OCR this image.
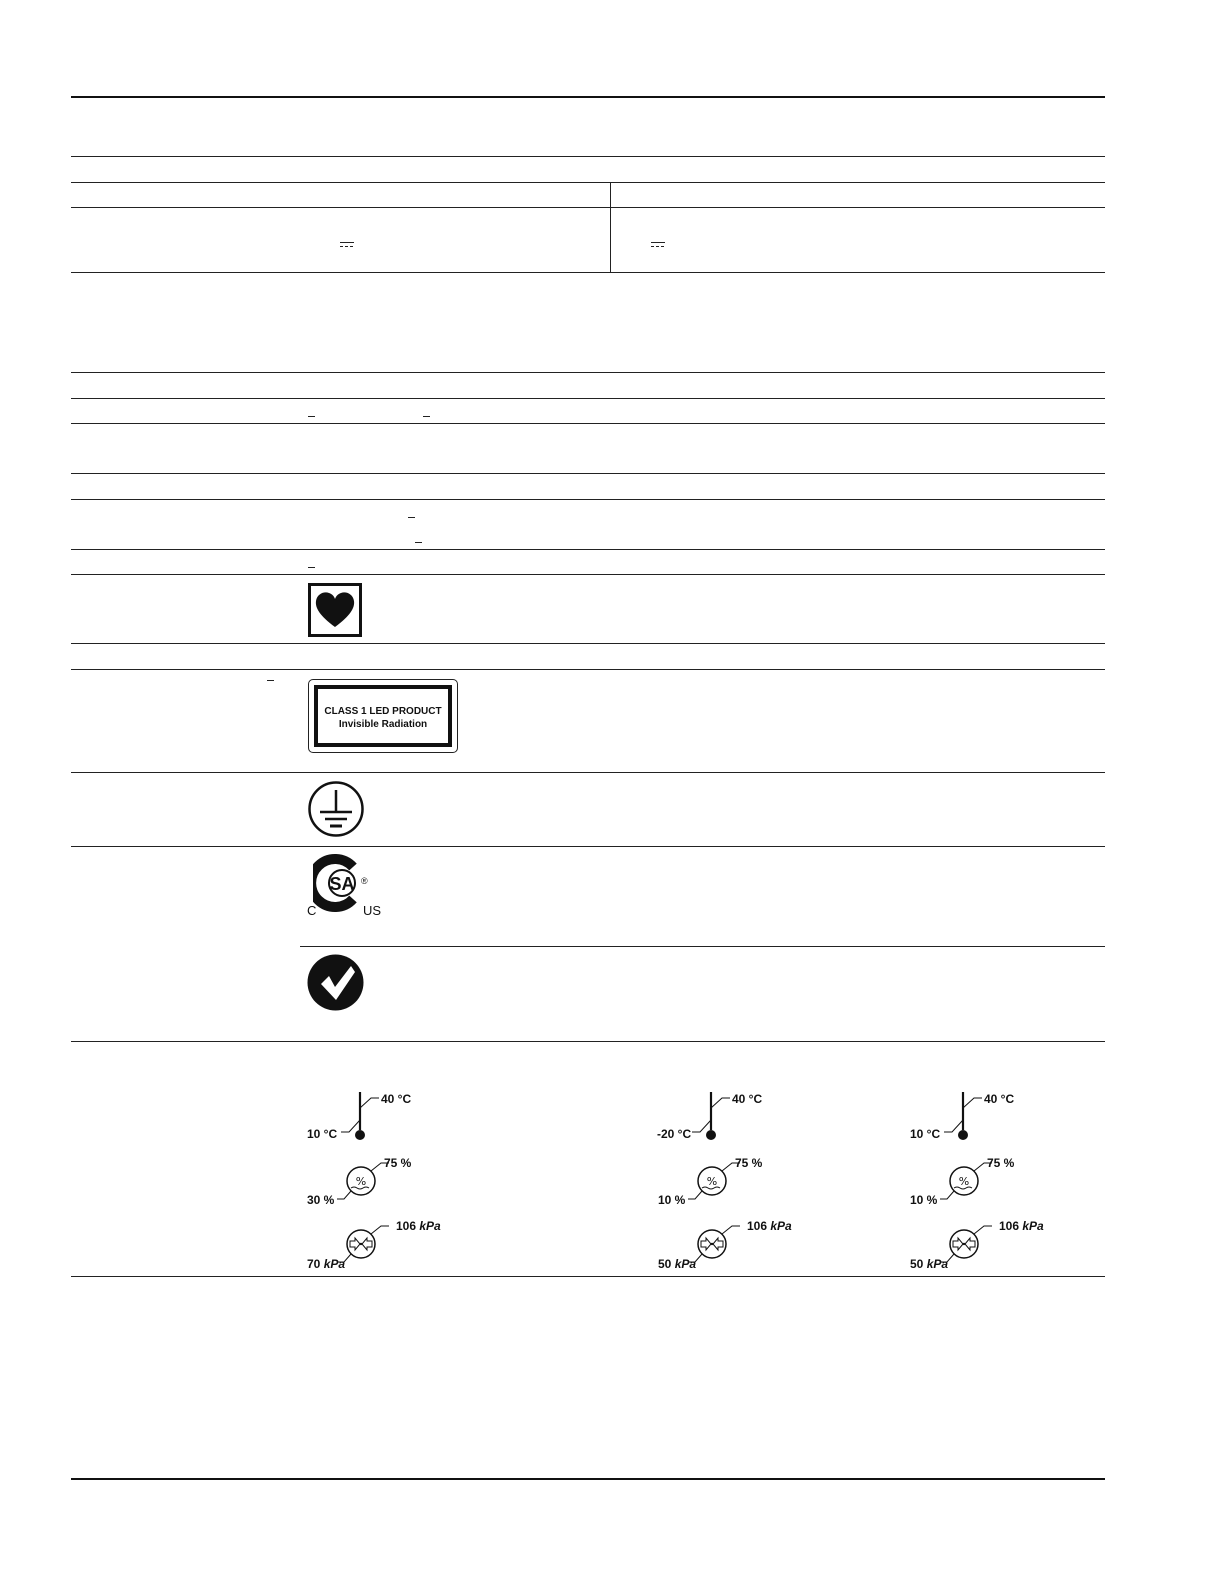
CLASS 1 LED PRODUCT
Invisible Radiation
SA
C	US
®
40 °C
10 °C
%
75 %
30 %
106 kPa
70 kPa
40 °C
-20 °C
%
75 %
10 %
106 kPa
50 kPa
40 °C
10 °C
%
75 %
10 %
106 kPa
50 kPa
